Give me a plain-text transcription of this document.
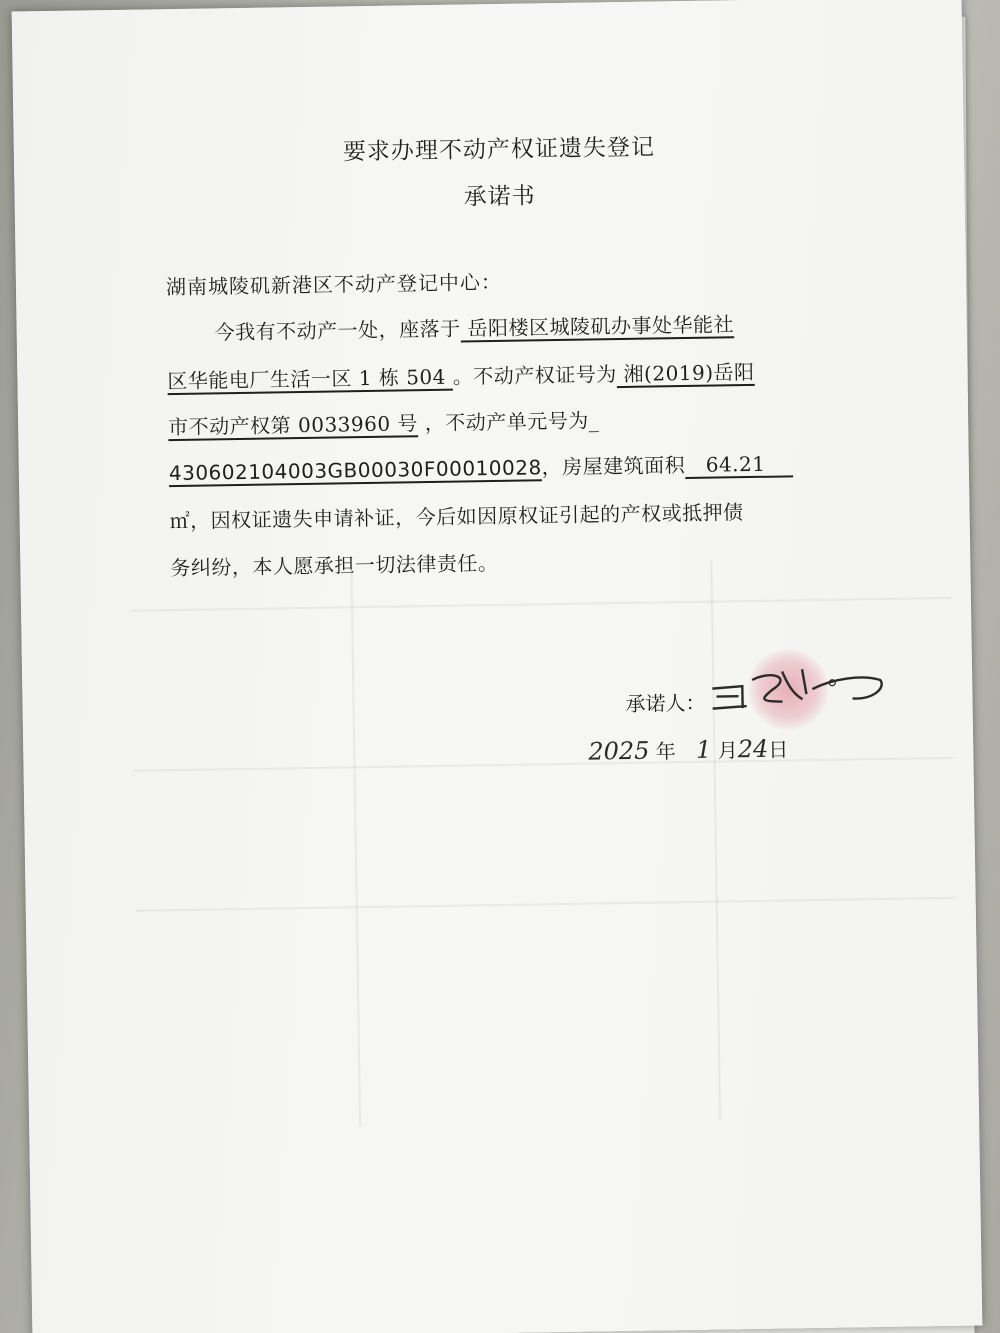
要求办理不动产权证遗失登记
承诺书
湖南城陵矶新港区不动产登记中心：
今我有不动产一处，座落于 岳阳楼区城陵矶办事处华能社
区华能电厂生活一区 1 栋 504 。不动产权证号为 湘(2019)岳阳
市不动产权第 0033960 号 ，不动产单元号为_
430602104003GB00030F00010028，房屋建筑面积   64.21
㎡，因权证遗失申请补证，今后如因原权证引起的产权或抵押债
务纠纷，本人愿承担一切法律责任。
承诺人：
2025 年 1 月24日
